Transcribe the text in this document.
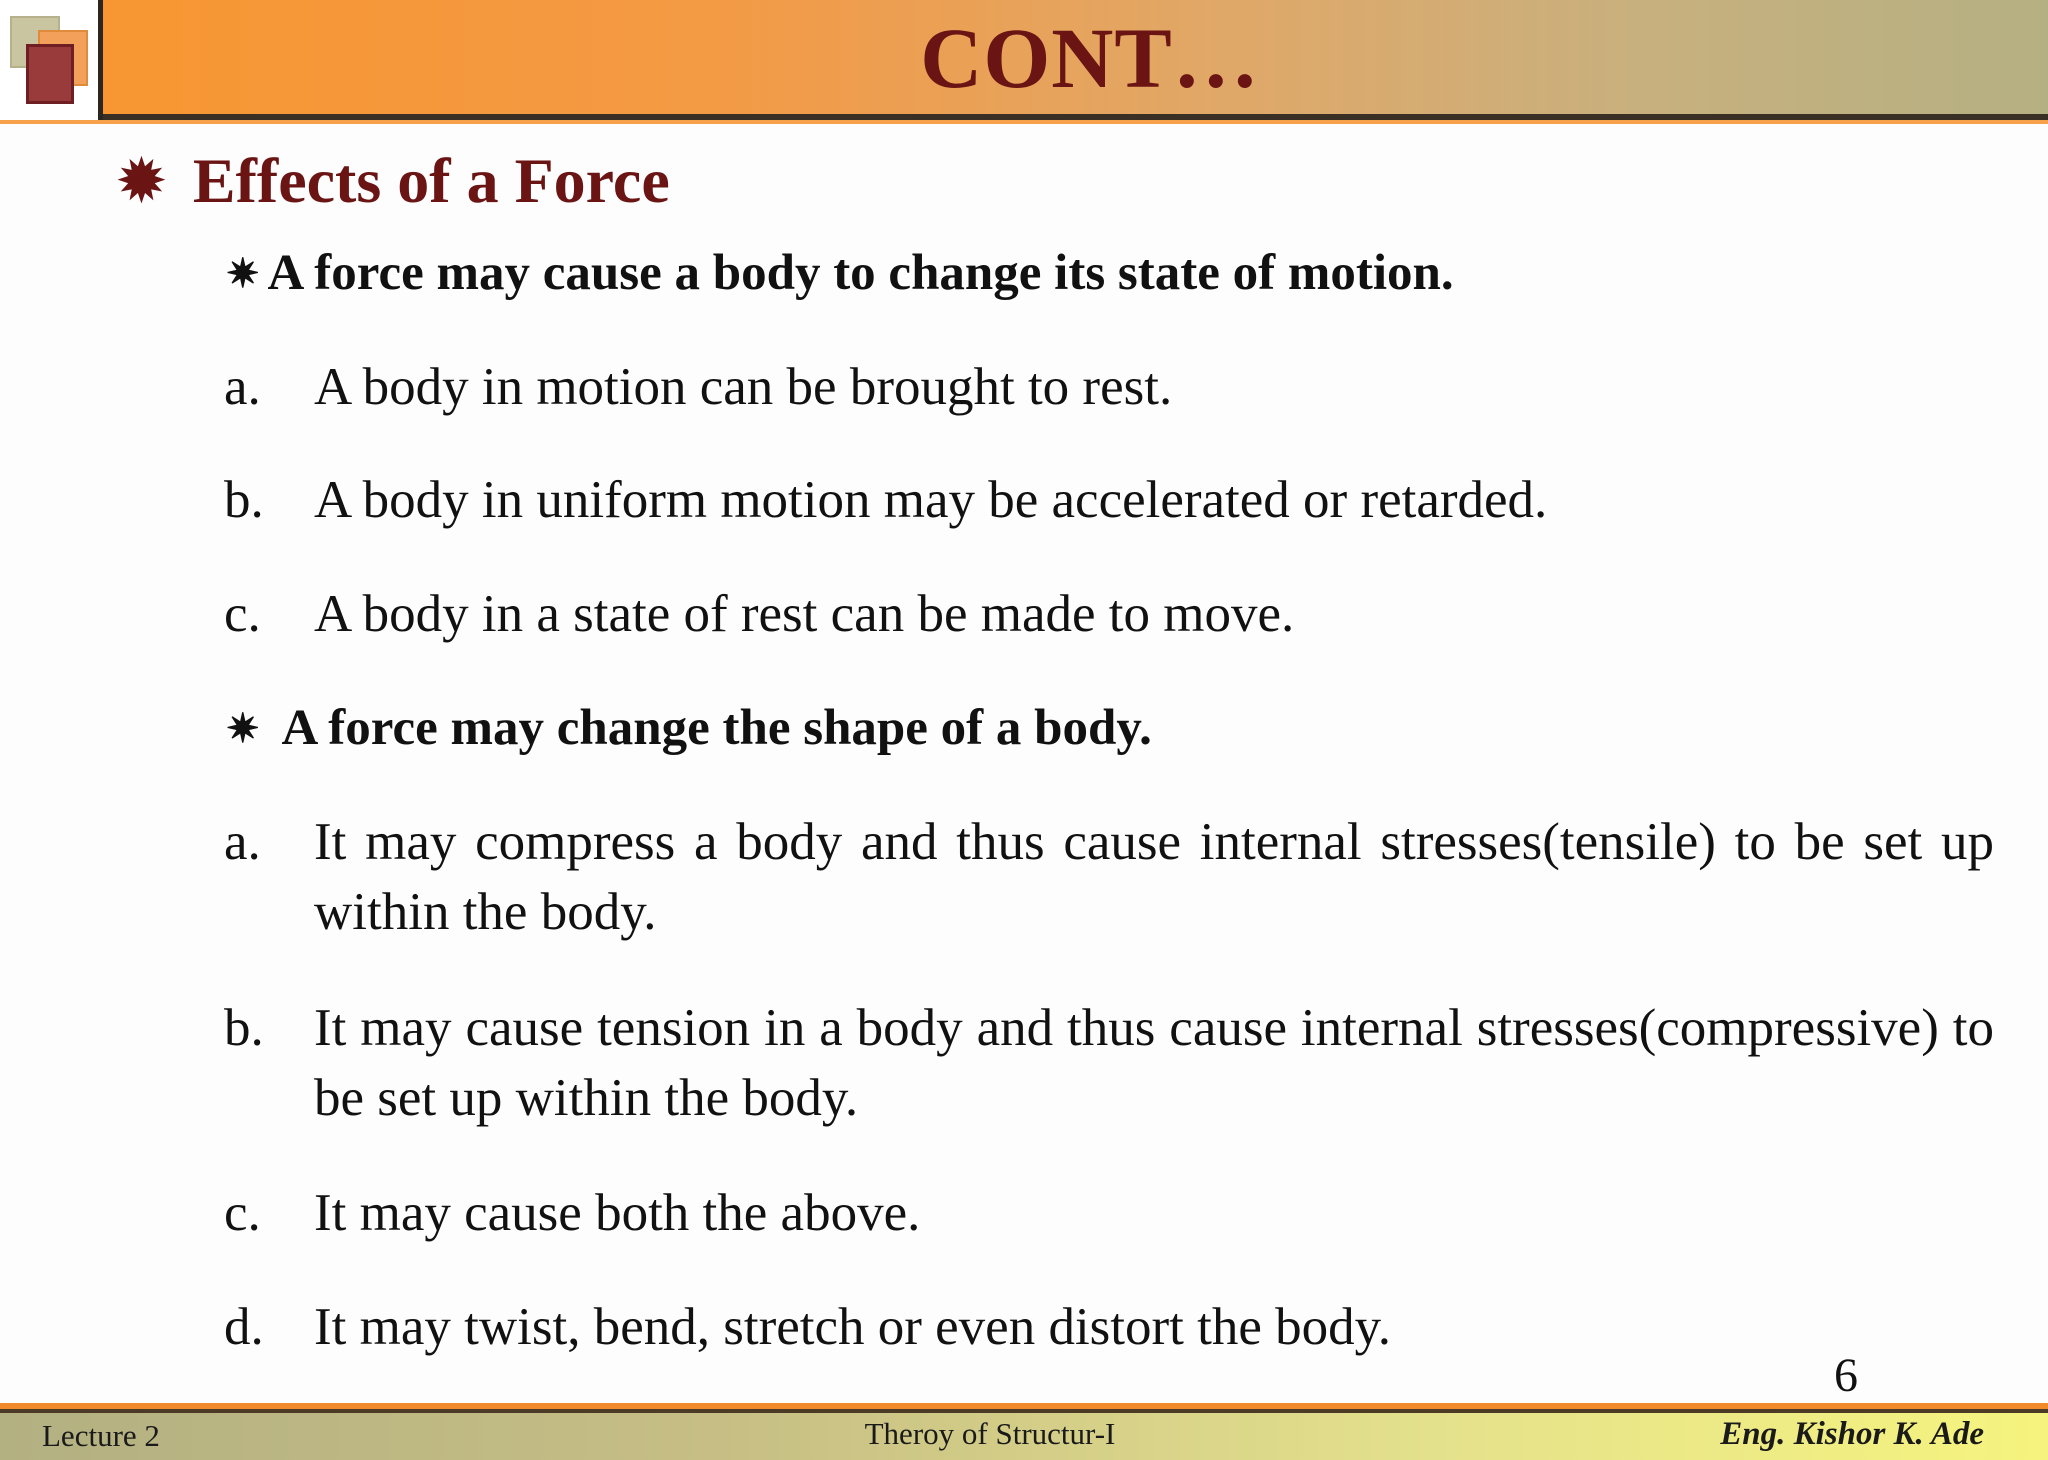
CONT…
✹ Effects of a Force
✷ A force may cause a body to change its state of motion.
a.	A body in motion can be brought to rest.
b. A body in uniform motion may be accelerated or retarded.
c.	A body in a state of rest can be made to move.
✷ A force may change the shape of a body.
a.	It may compress a body and thus cause internal stresses(tensile) to be set up within the body.
b. It may cause tension in a body and thus cause internal stresses(compressive) to be set up within the body.
c.	It may cause both the above.
d. It may twist, bend, stretch or even distort the body.
6
Lecture 2	Theroy of Structur-I	Eng. Kishor K. Ade
